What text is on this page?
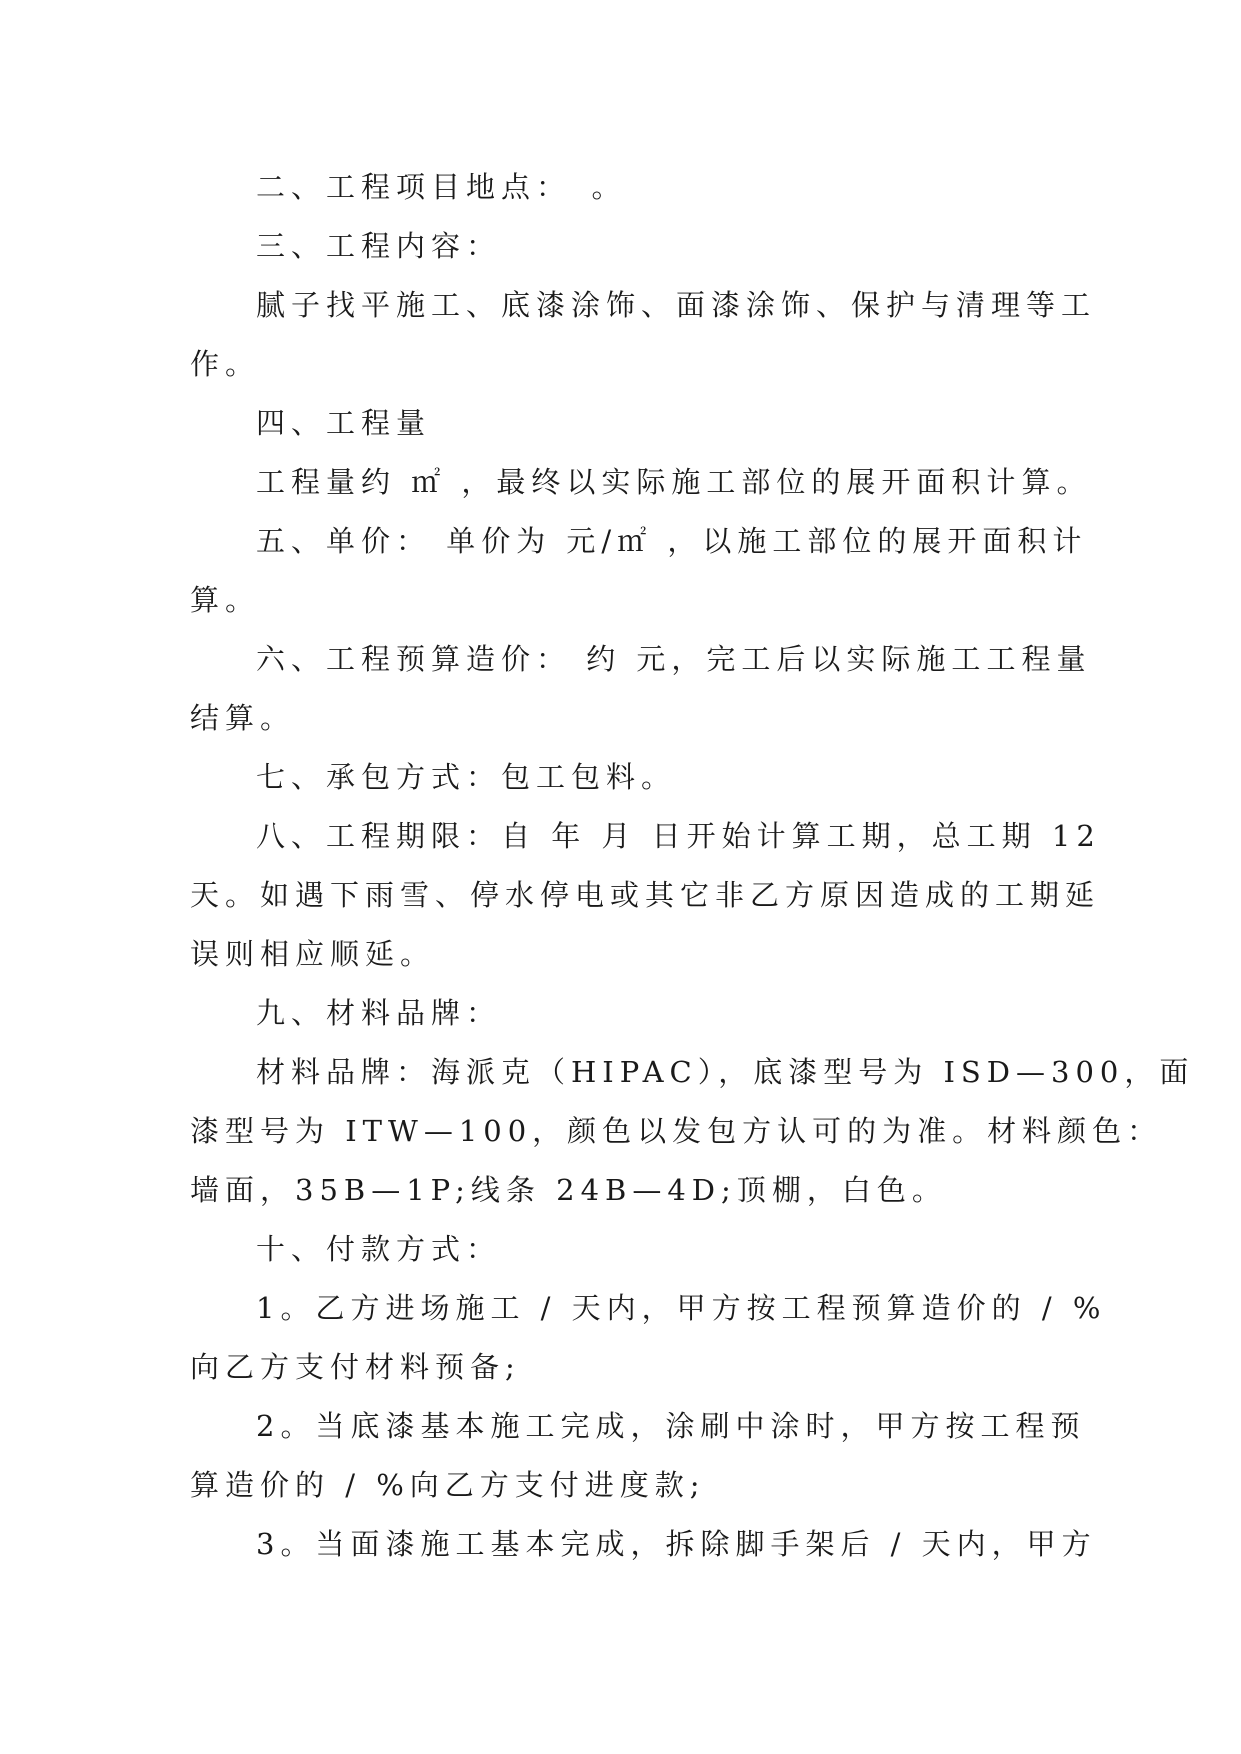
二、工程项目地点：　。
三、工程内容：
腻子找平施工、底漆涂饰、面漆涂饰、保护与清理等工
作。
四、工程量
工程量约 ㎡ ，最终以实际施工部位的展开面积计算。
五、单价： 单价为 元/㎡ ，以施工部位的展开面积计
算。
六、工程预算造价： 约 元，完工后以实际施工工程量
结算。
七、承包方式：包工包料。
八、工程期限：自 年 月 日开始计算工期，总工期 12
天。如遇下雨雪、停水停电或其它非乙方原因造成的工期延
误则相应顺延。
九、材料品牌：
材料品牌：海派克（HIPAC），底漆型号为 ISD—300，面
漆型号为 ITW—100，颜色以发包方认可的为准。材料颜色：
墙面，35B—1P;线条 24B—4D;顶棚，白色。
十、付款方式：
1。乙方进场施工 / 天内，甲方按工程预算造价的 / %
向乙方支付材料预备;
2。当底漆基本施工完成，涂刷中涂时，甲方按工程预
算造价的 / %向乙方支付进度款;
3。当面漆施工基本完成，拆除脚手架后 / 天内，甲方
